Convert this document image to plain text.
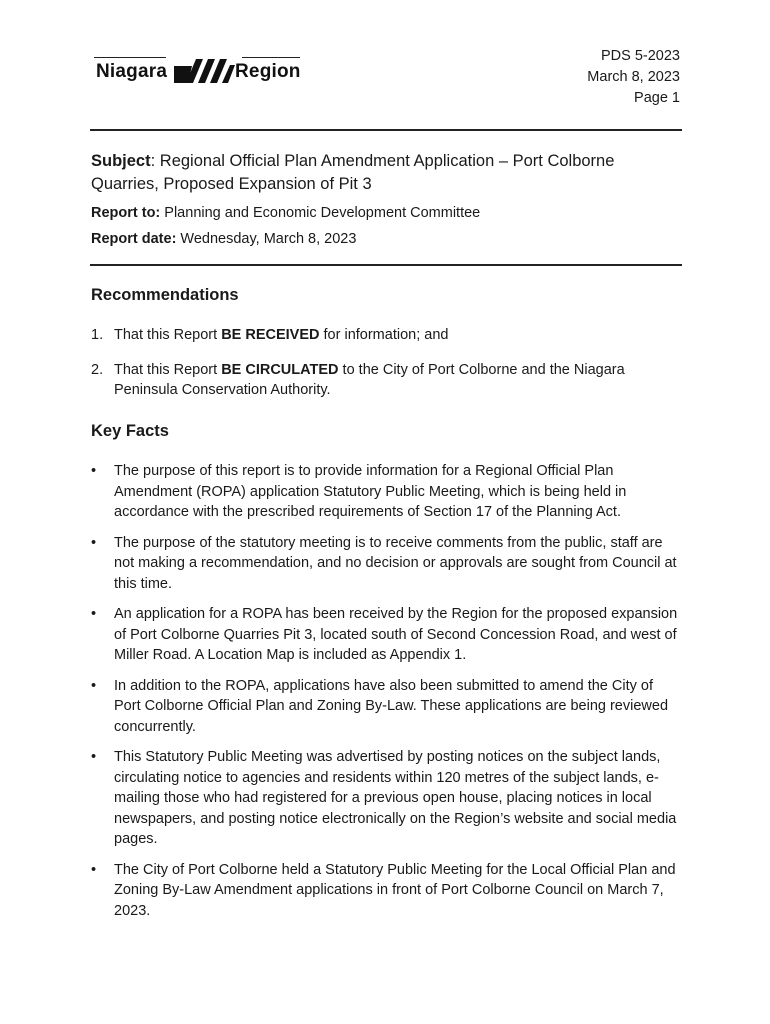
Niagara	Region
PDS 5-2023
March 8, 2023
Page 1
Subject: Regional Official Plan Amendment Application – Port Colborne Quarries, Proposed Expansion of Pit 3
Report to: Planning and Economic Development Committee
Report date: Wednesday, March 8, 2023
Recommendations
1. That this Report BE RECEIVED for information; and
2. That this Report BE CIRCULATED to the City of Port Colborne and the Niagara Peninsula Conservation Authority.
Key Facts
• The purpose of this report is to provide information for a Regional Official Plan Amendment (ROPA) application Statutory Public Meeting, which is being held in accordance with the prescribed requirements of Section 17 of the Planning Act.
• The purpose of the statutory meeting is to receive comments from the public, staff are not making a recommendation, and no decision or approvals are sought from Council at this time.
• An application for a ROPA has been received by the Region for the proposed expansion of Port Colborne Quarries Pit 3, located south of Second Concession Road, and west of Miller Road. A Location Map is included as Appendix 1.
• In addition to the ROPA, applications have also been submitted to amend the City of Port Colborne Official Plan and Zoning By-Law. These applications are being reviewed concurrently.
• This Statutory Public Meeting was advertised by posting notices on the subject lands, circulating notice to agencies and residents within 120 metres of the subject lands, e-mailing those who had registered for a previous open house, placing notices in local newspapers, and posting notice electronically on the Region’s website and social media pages.
• The City of Port Colborne held a Statutory Public Meeting for the Local Official Plan and Zoning By-Law Amendment applications in front of Port Colborne Council on March 7, 2023.
